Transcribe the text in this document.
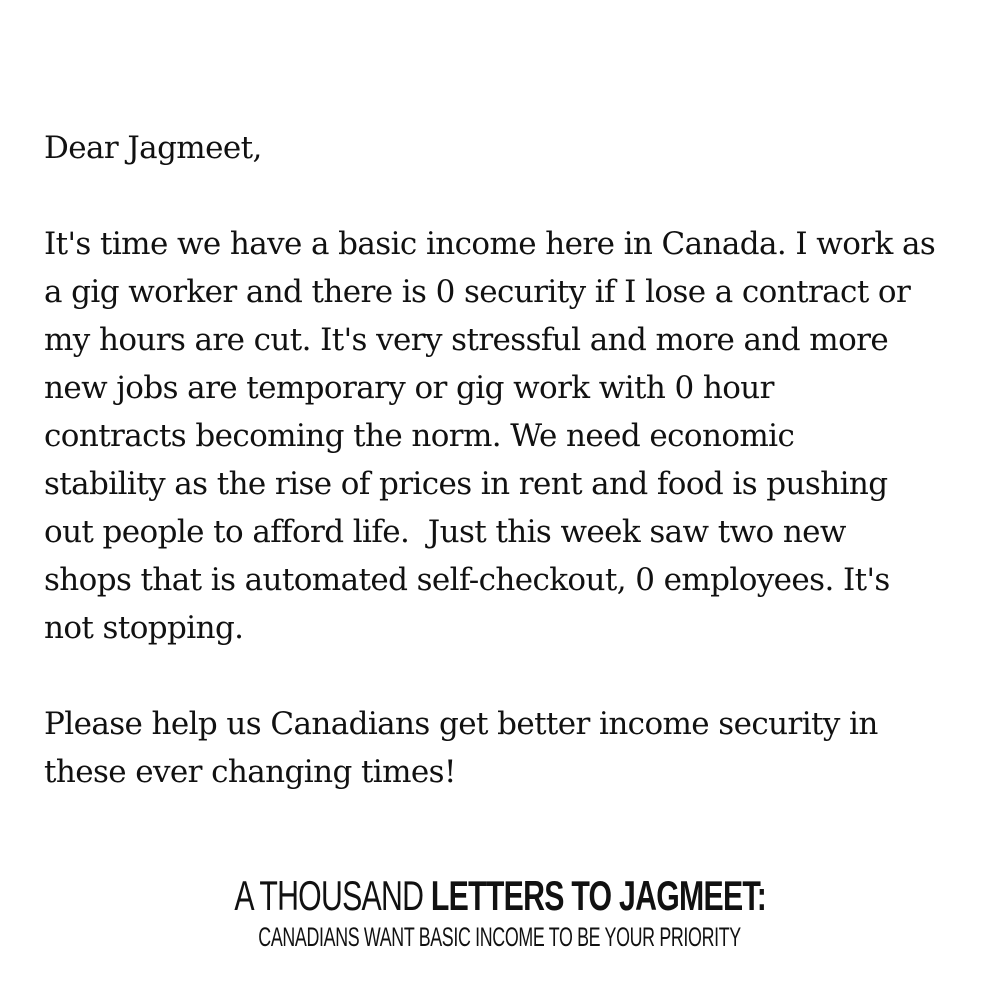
Dear Jagmeet,

It's time we have a basic income here in Canada. I work as
a gig worker and there is 0 security if I lose a contract or
my hours are cut. It's very stressful and more and more
new jobs are temporary or gig work with 0 hour
contracts becoming the norm. We need economic
stability as the rise of prices in rent and food is pushing
out people to afford life.  Just this week saw two new
shops that is automated self-checkout, 0 employees. It's
not stopping.

Please help us Canadians get better income security in
these ever changing times!

A THOUSAND LETTERS TO JAGMEET:
CANADIANS WANT BASIC INCOME TO BE YOUR PRIORITY
